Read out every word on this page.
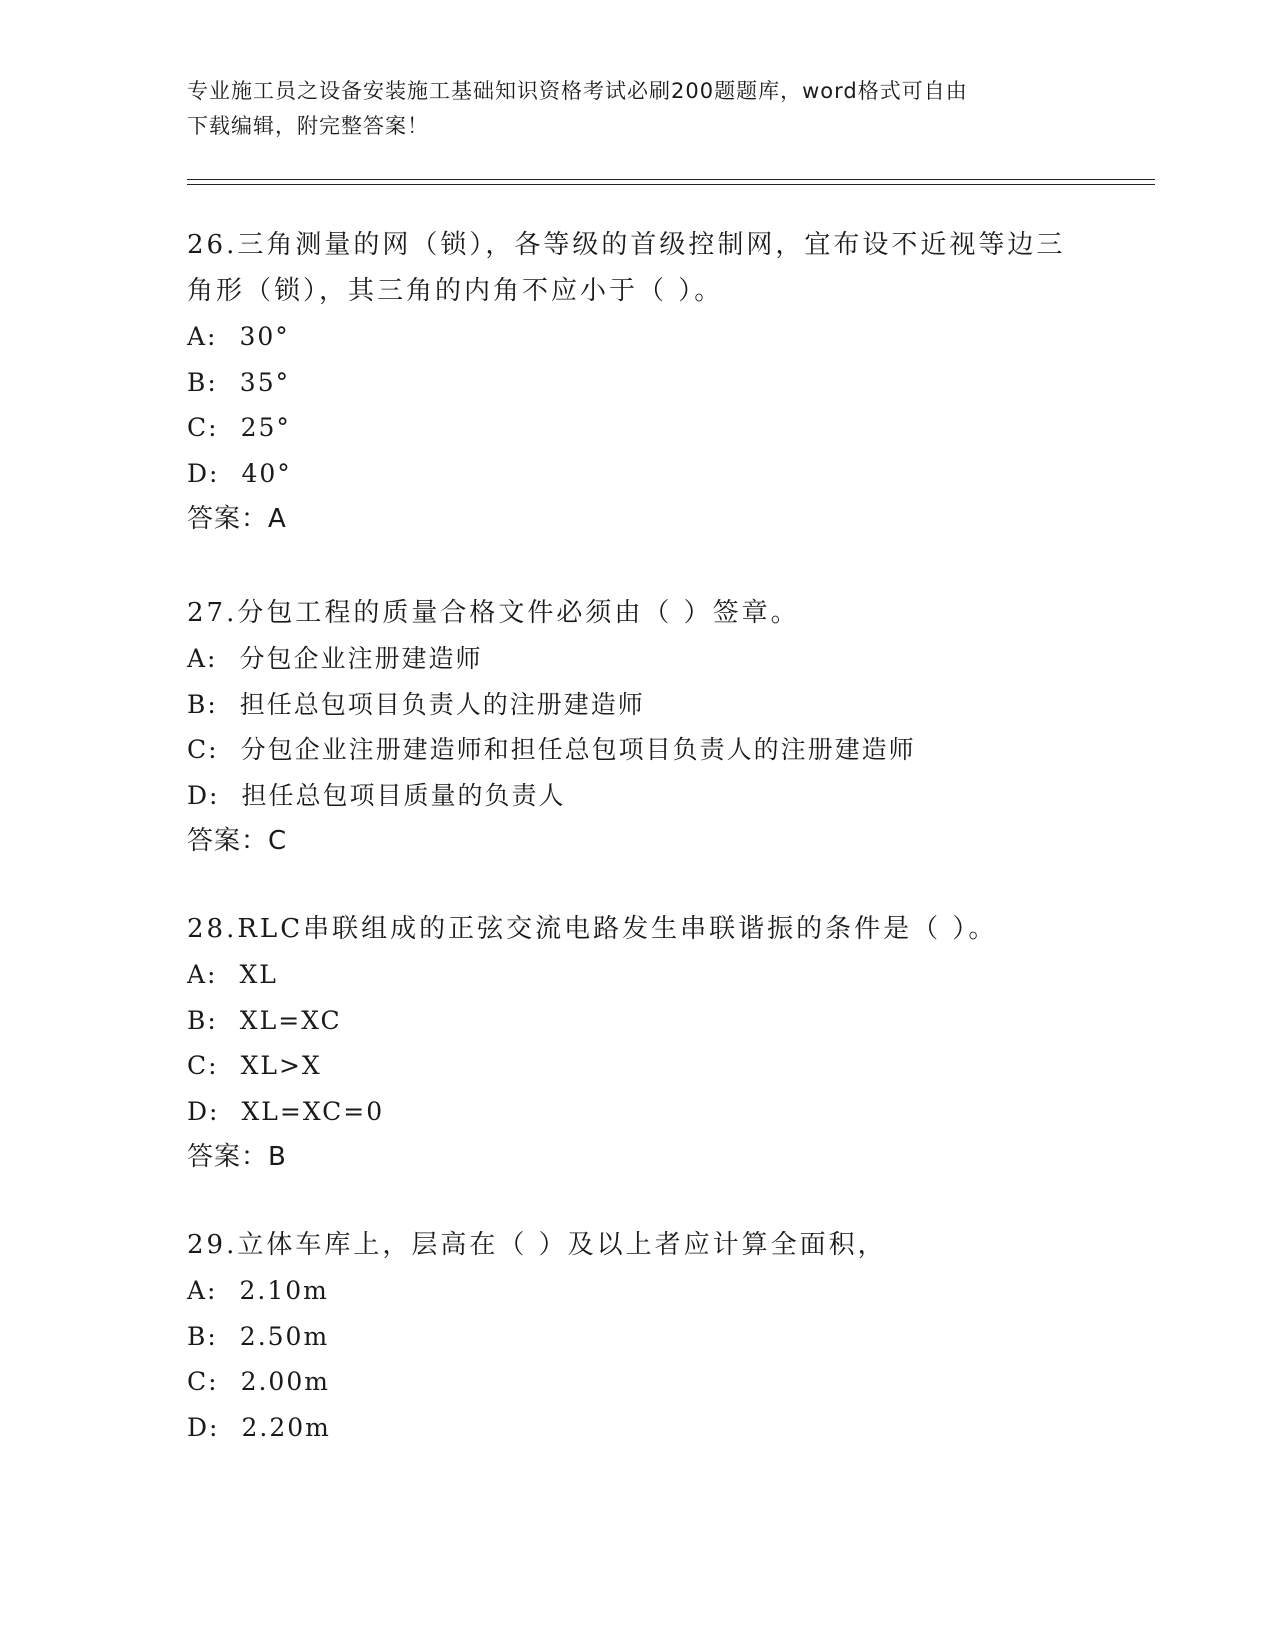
专业施工员之设备安装施工基础知识资格考试必刷200题题库，word格式可自由
下载编辑，附完整答案！

26.三角测量的网（锁），各等级的首级控制网，宜布设不近视等边三

角形（锁），其三角的内角不应小于（ ）。

A: 30°

B: 35°

C: 25°

D: 40°

答案：A

27.分包工程的质量合格文件必须由（ ）签章。

A: 分包企业注册建造师

B: 担任总包项目负责人的注册建造师

C: 分包企业注册建造师和担任总包项目负责人的注册建造师

D: 担任总包项目质量的负责人

答案：C

28.RLC串联组成的正弦交流电路发生串联谐振的条件是（ ）。

A: XL

B: XL=XC

C: XL>X

D: XL=XC=0

答案：B

29.立体车库上，层高在（ ）及以上者应计算全面积，

A: 2.10m

B: 2.50m

C: 2.00m

D: 2.20m
